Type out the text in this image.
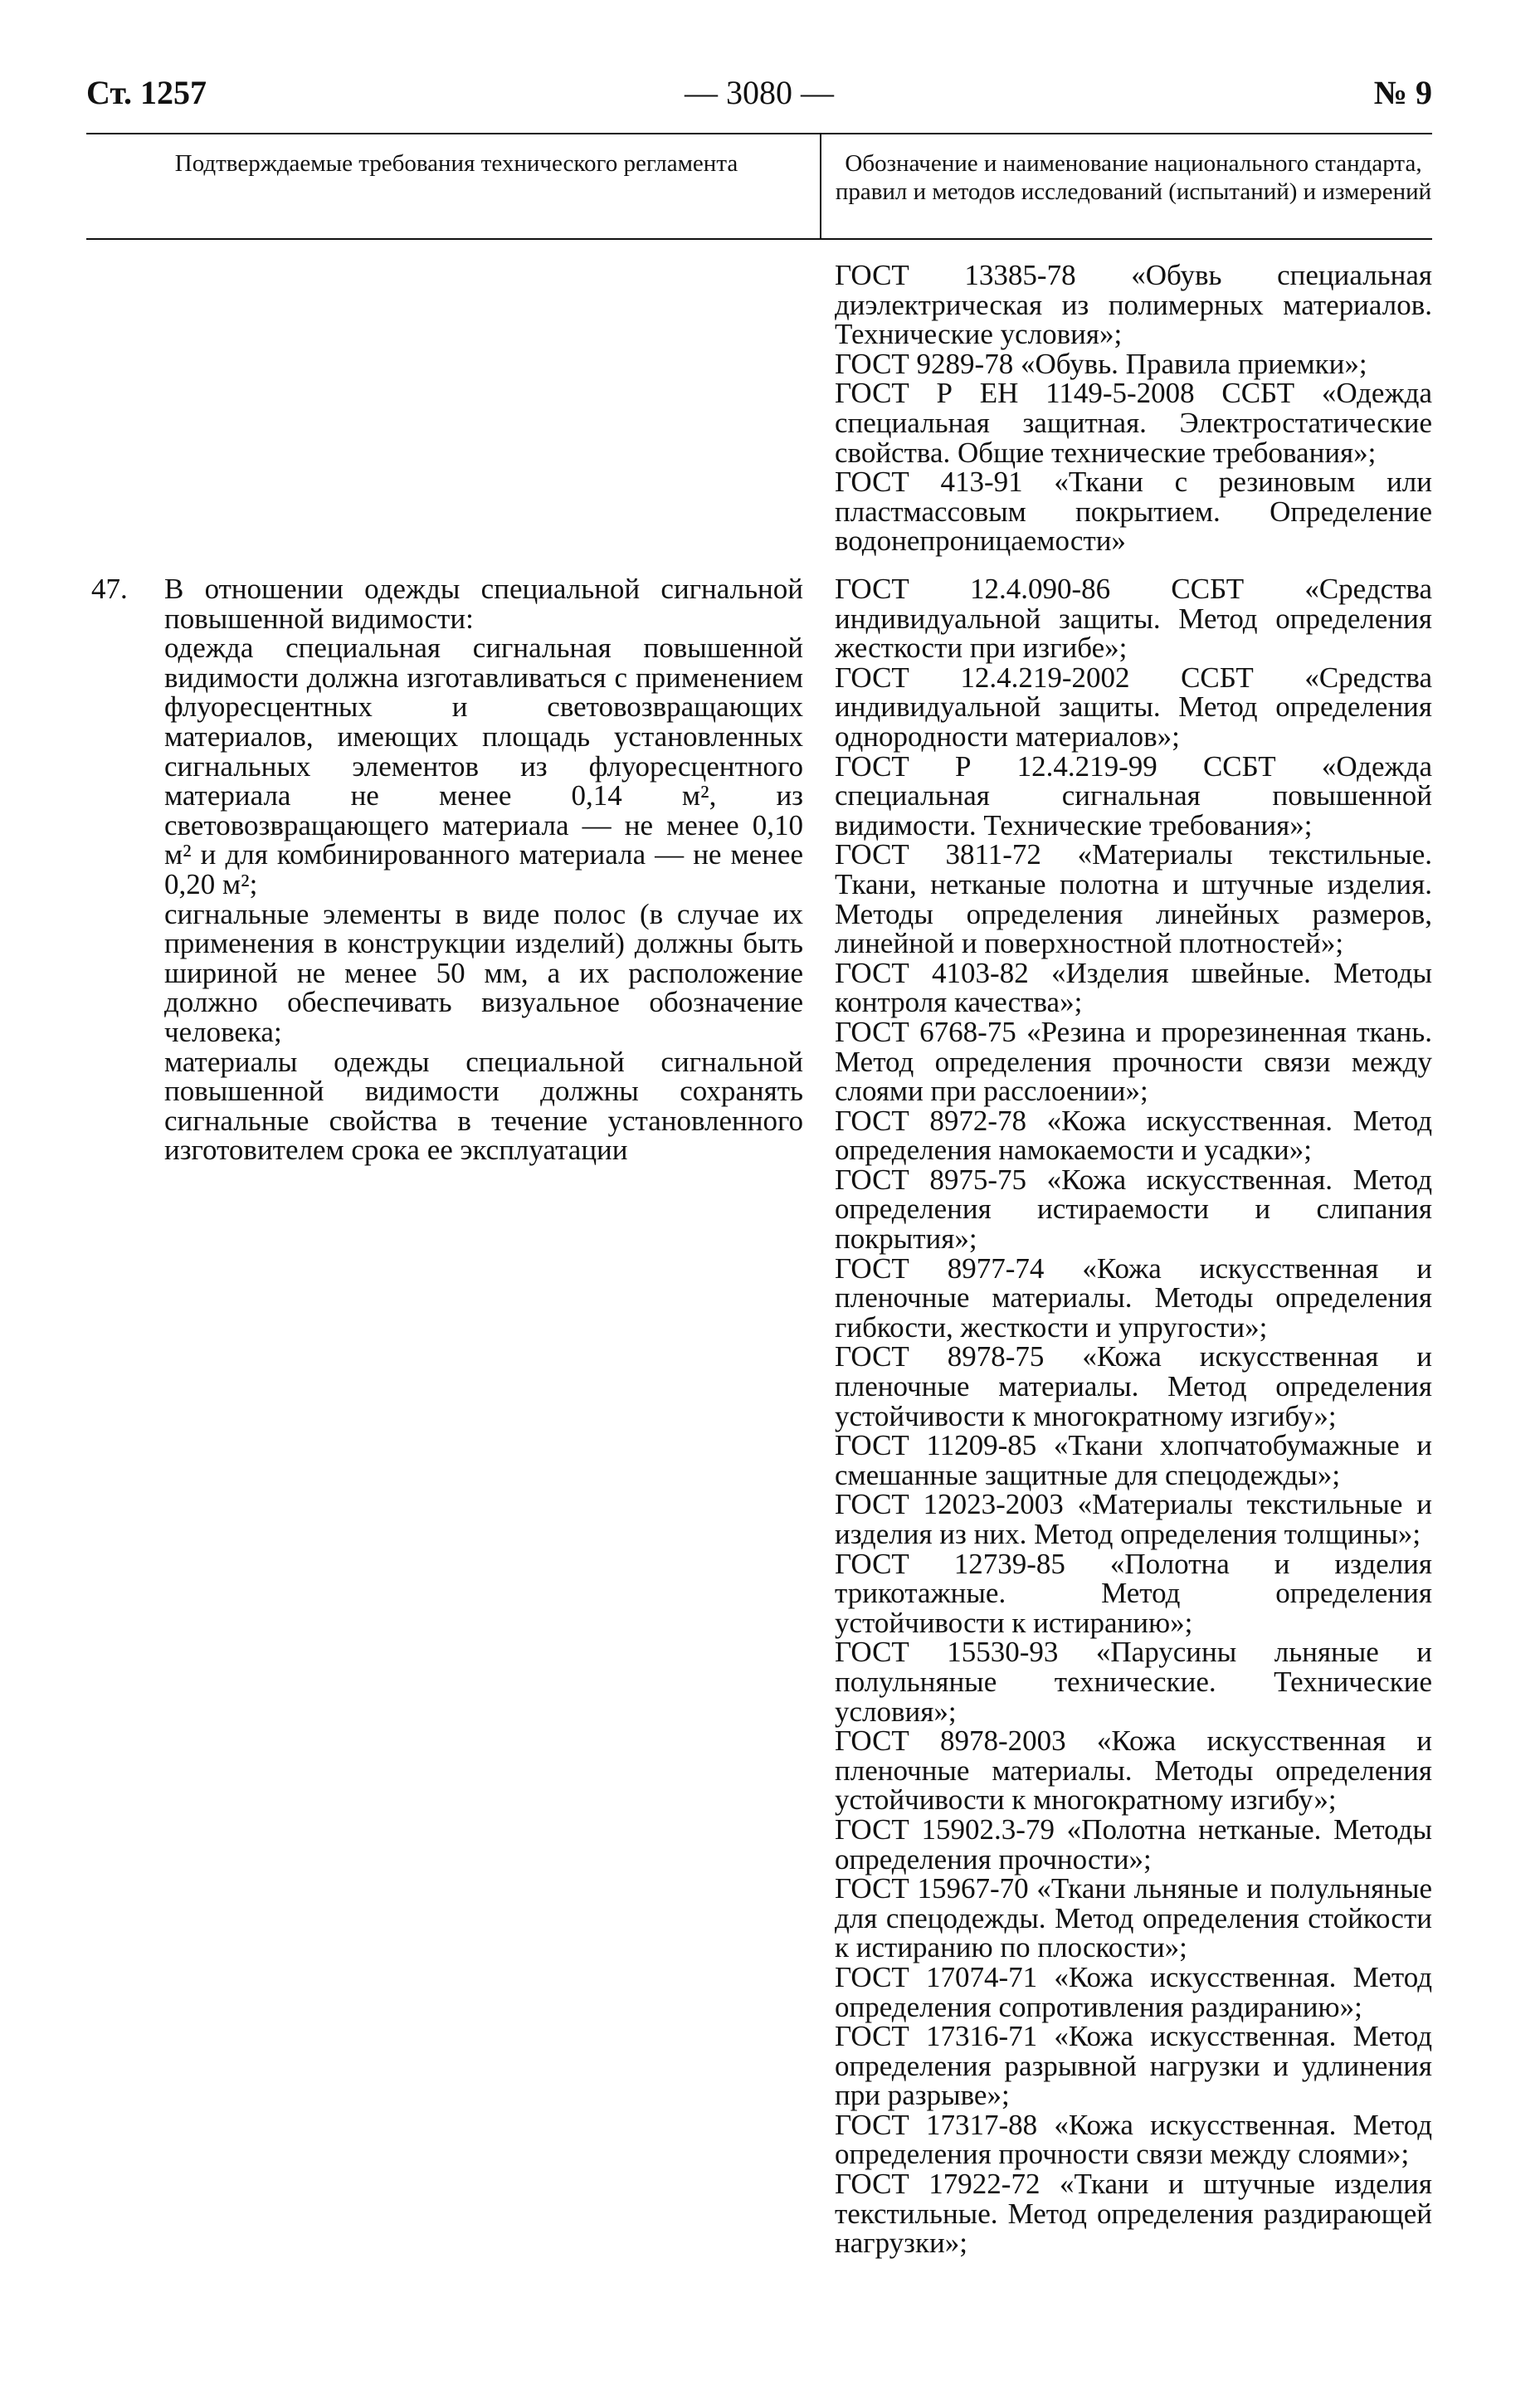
— 3080 —
Ст. 1257	№ 9
Подтверждаемые требования технического регламента	Обозначение и наименование национального стандарта, правил и методов исследований (испытаний) и измерений

ГОСТ 13385-78 «Обувь специальная диэлектрическая из полимерных материалов. Технические условия»;

ГОСТ 9289-78 «Обувь. Правила приемки»;

ГОСТ Р ЕН 1149-5-2008 ССБТ «Одежда специальная защитная. Электростатические свойства. Общие технические требования»;

ГОСТ 413-91 «Ткани с резиновым или пластмассовым покрытием. Определение водонепроницаемости»

47. В отношении одежды специальной сигнальной повышенной видимости:

одежда специальная сигнальная повышенной видимости должна изготавливаться с применением флуоресцентных и световозвращающих материалов, имеющих площадь установленных сигнальных элементов из флуоресцентного материала не менее 0,14 м², из световозвращающего материала — не менее 0,10 м² и для комбинированного материала — не менее 0,20 м²;

сигнальные элементы в виде полос (в случае их применения в конструкции изделий) должны быть шириной не менее 50 мм, а их расположение должно обеспечивать визуальное обозначение человека;

материалы одежды специальной сигнальной повышенной видимости должны сохранять сигнальные свойства в течение установленного изготовителем срока ее эксплуатации

ГОСТ 12.4.090-86 ССБТ «Средства индивидуальной защиты. Метод определения жесткости при изгибе»;

ГОСТ 12.4.219-2002 ССБТ «Средства индивидуальной защиты. Метод определения однородности материалов»;

ГОСТ Р 12.4.219-99 ССБТ «Одежда специальная сигнальная повышенной видимости. Технические требования»;

ГОСТ 3811-72 «Материалы текстильные. Ткани, нетканые полотна и штучные изделия. Методы определения линейных размеров, линейной и поверхностной плотностей»;

ГОСТ 4103-82 «Изделия швейные. Методы контроля качества»;

ГОСТ 6768-75 «Резина и прорезиненная ткань. Метод определения прочности связи между слоями при расслоении»;

ГОСТ 8972-78 «Кожа искусственная. Метод определения намокаемости и усадки»;

ГОСТ 8975-75 «Кожа искусственная. Метод определения истираемости и слипания покрытия»;

ГОСТ 8977-74 «Кожа искусственная и пленочные материалы. Методы определения гибкости, жесткости и упругости»;

ГОСТ 8978-75 «Кожа искусственная и пленочные материалы. Метод определения устойчивости к многократному изгибу»;

ГОСТ 11209-85 «Ткани хлопчатобумажные и смешанные защитные для спецодежды»;

ГОСТ 12023-2003 «Материалы текстильные и изделия из них. Метод определения толщины»;

ГОСТ 12739-85 «Полотна и изделия трикотажные. Метод определения устойчивости к истиранию»;

ГОСТ 15530-93 «Парусины льняные и полульняные технические. Технические условия»;

ГОСТ 8978-2003 «Кожа искусственная и пленочные материалы. Методы определения устойчивости к многократному изгибу»;

ГОСТ 15902.3-79 «Полотна нетканые. Методы определения прочности»;

ГОСТ 15967-70 «Ткани льняные и полульняные для спецодежды. Метод определения стойкости к истиранию по плоскости»;

ГОСТ 17074-71 «Кожа искусственная. Метод определения сопротивления раздиранию»;

ГОСТ 17316-71 «Кожа искусственная. Метод определения разрывной нагрузки и удлинения при разрыве»;

ГОСТ 17317-88 «Кожа искусственная. Метод определения прочности связи между слоями»;

ГОСТ 17922-72 «Ткани и штучные изделия текстильные. Метод определения раздирающей нагрузки»;
